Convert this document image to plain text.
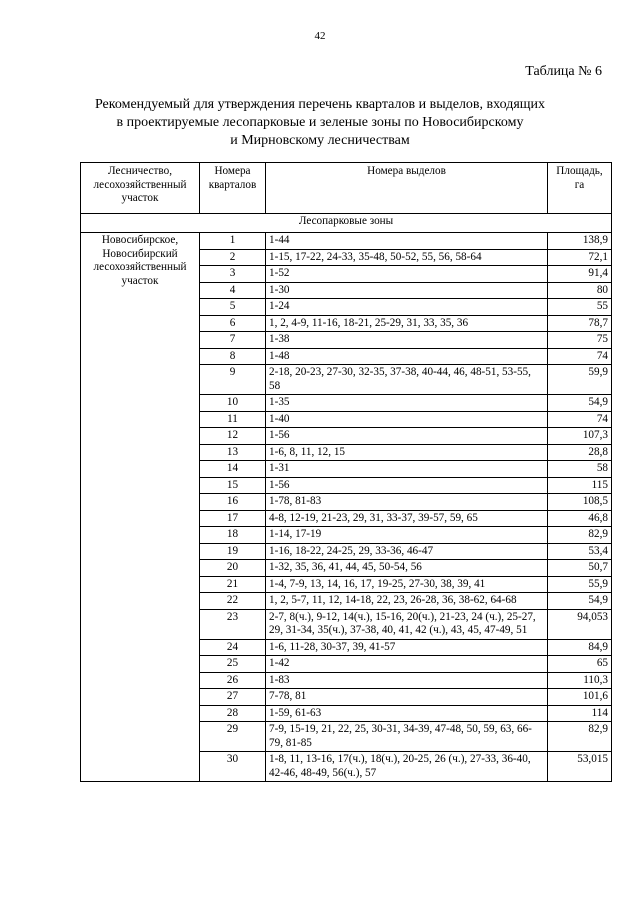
42
Таблица № 6
Рекомендуемый для утверждения перечень кварталов и выделов, входящих
в проектируемые лесопарковые и зеленые зоны по Новосибирскому
и Мирновскому лесничествам
Лесничество, лесохозяйственный участок	Номера кварталов	Номера выделов	Площадь, га
Лесопарковые зоны			
Новосибирское, Новосибирский лесохозяйственный участок	1	1-44	138,9
	2	1-15, 17-22, 24-33, 35-48, 50-52, 55, 56, 58-64	72,1
	3	1-52	91,4
	4	1-30	80
	5	1-24	55
	6	1, 2, 4-9, 11-16, 18-21, 25-29, 31, 33, 35, 36	78,7
	7	1-38	75
	8	1-48	74
	9	2-18, 20-23, 27-30, 32-35, 37-38, 40-44, 46, 48-51, 53-55, 58	59,9
	10	1-35	54,9
	11	1-40	74
	12	1-56	107,3
	13	1-6, 8, 11, 12, 15	28,8
	14	1-31	58
	15	1-56	115
	16	1-78, 81-83	108,5
	17	4-8, 12-19, 21-23, 29, 31, 33-37, 39-57, 59, 65	46,8
	18	1-14, 17-19	82,9
	19	1-16, 18-22, 24-25, 29, 33-36, 46-47	53,4
	20	1-32, 35, 36, 41, 44, 45, 50-54, 56	50,7
	21	1-4, 7-9, 13, 14, 16, 17, 19-25, 27-30, 38, 39, 41	55,9
	22	1, 2, 5-7, 11, 12, 14-18, 22, 23, 26-28, 36, 38-62, 64-68	54,9
	23	2-7, 8(ч.), 9-12, 14(ч.), 15-16, 20(ч.), 21-23, 24 (ч.), 25-27, 29, 31-34, 35(ч.), 37-38, 40, 41, 42 (ч.), 43, 45, 47-49, 51	94,053
	24	1-6, 11-28, 30-37, 39, 41-57	84,9
	25	1-42	65
	26	1-83	110,3
	27	7-78, 81	101,6
	28	1-59, 61-63	114
	29	7-9, 15-19, 21, 22, 25, 30-31, 34-39, 47-48, 50, 59, 63, 66-79, 81-85	82,9
	30	1-8, 11, 13-16, 17(ч.), 18(ч.), 20-25, 26 (ч.), 27-33, 36-40, 42-46, 48-49, 56(ч.), 57	53,015
